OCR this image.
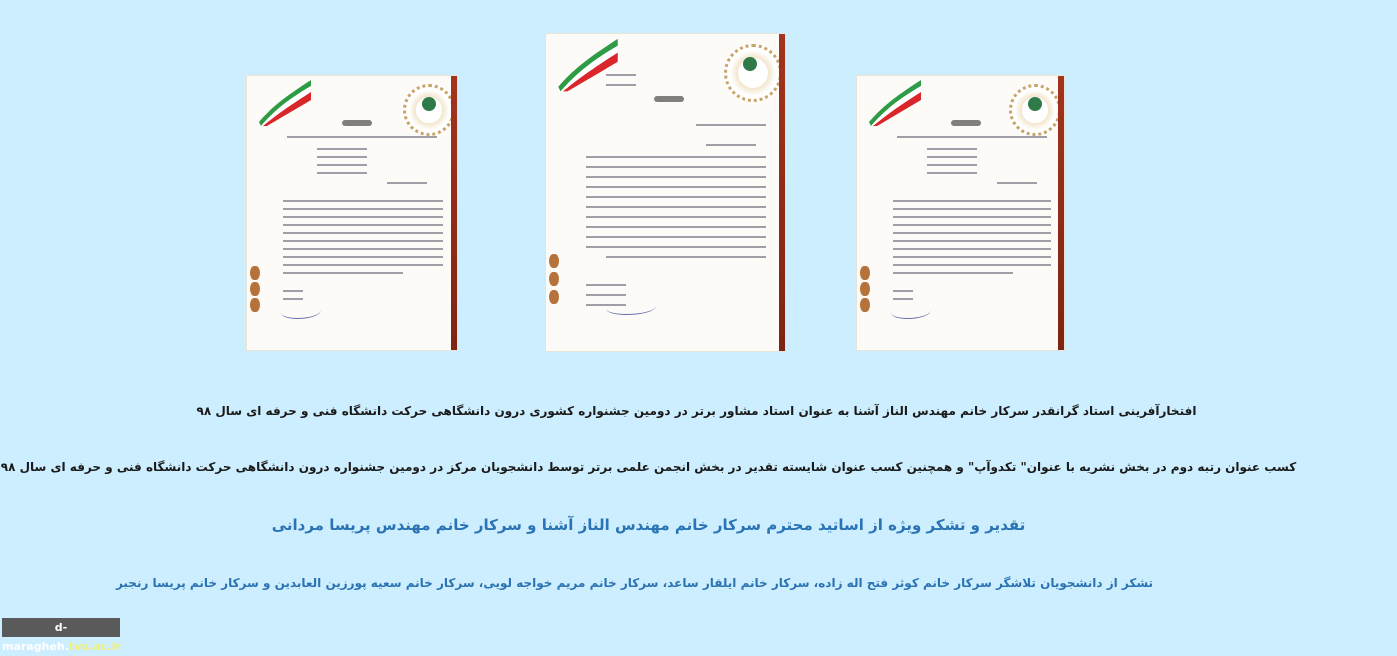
افتخارآفرینی استاد گرانقدر سرکار خانم مهندس الناز آشنا به عنوان استاد مشاور برتر در دومین جشنواره کشوری درون دانشگاهی حرکت دانشگاه فنی و حرفه ای سال ۹۸
کسب عنوان رتبه دوم در بخش نشریه با عنوان" تکدوآپ" و همچنین کسب عنوان شایسته تقدیر در بخش انجمن علمی برتر توسط دانشجویان مرکز در دومین جشنواره درون دانشگاهی حرکت دانشگاه فنی و حرفه ای سال ۹۸
تقدیر و تشکر ویژه از اساتید محترم سرکار خانم مهندس الناز آشنا و سرکار خانم مهندس پریسا مردانی
تشکر از دانشجویان تلاشگر سرکار خانم کوثر فتح اله زاده، سرکار خانم ایلقار ساعد، سرکار خانم مریم خواجه لویی، سرکار خانم سعیه پورزین العابدین و سرکار خانم پریسا رنجبر
d-maragheh.tvu.ac.ir
